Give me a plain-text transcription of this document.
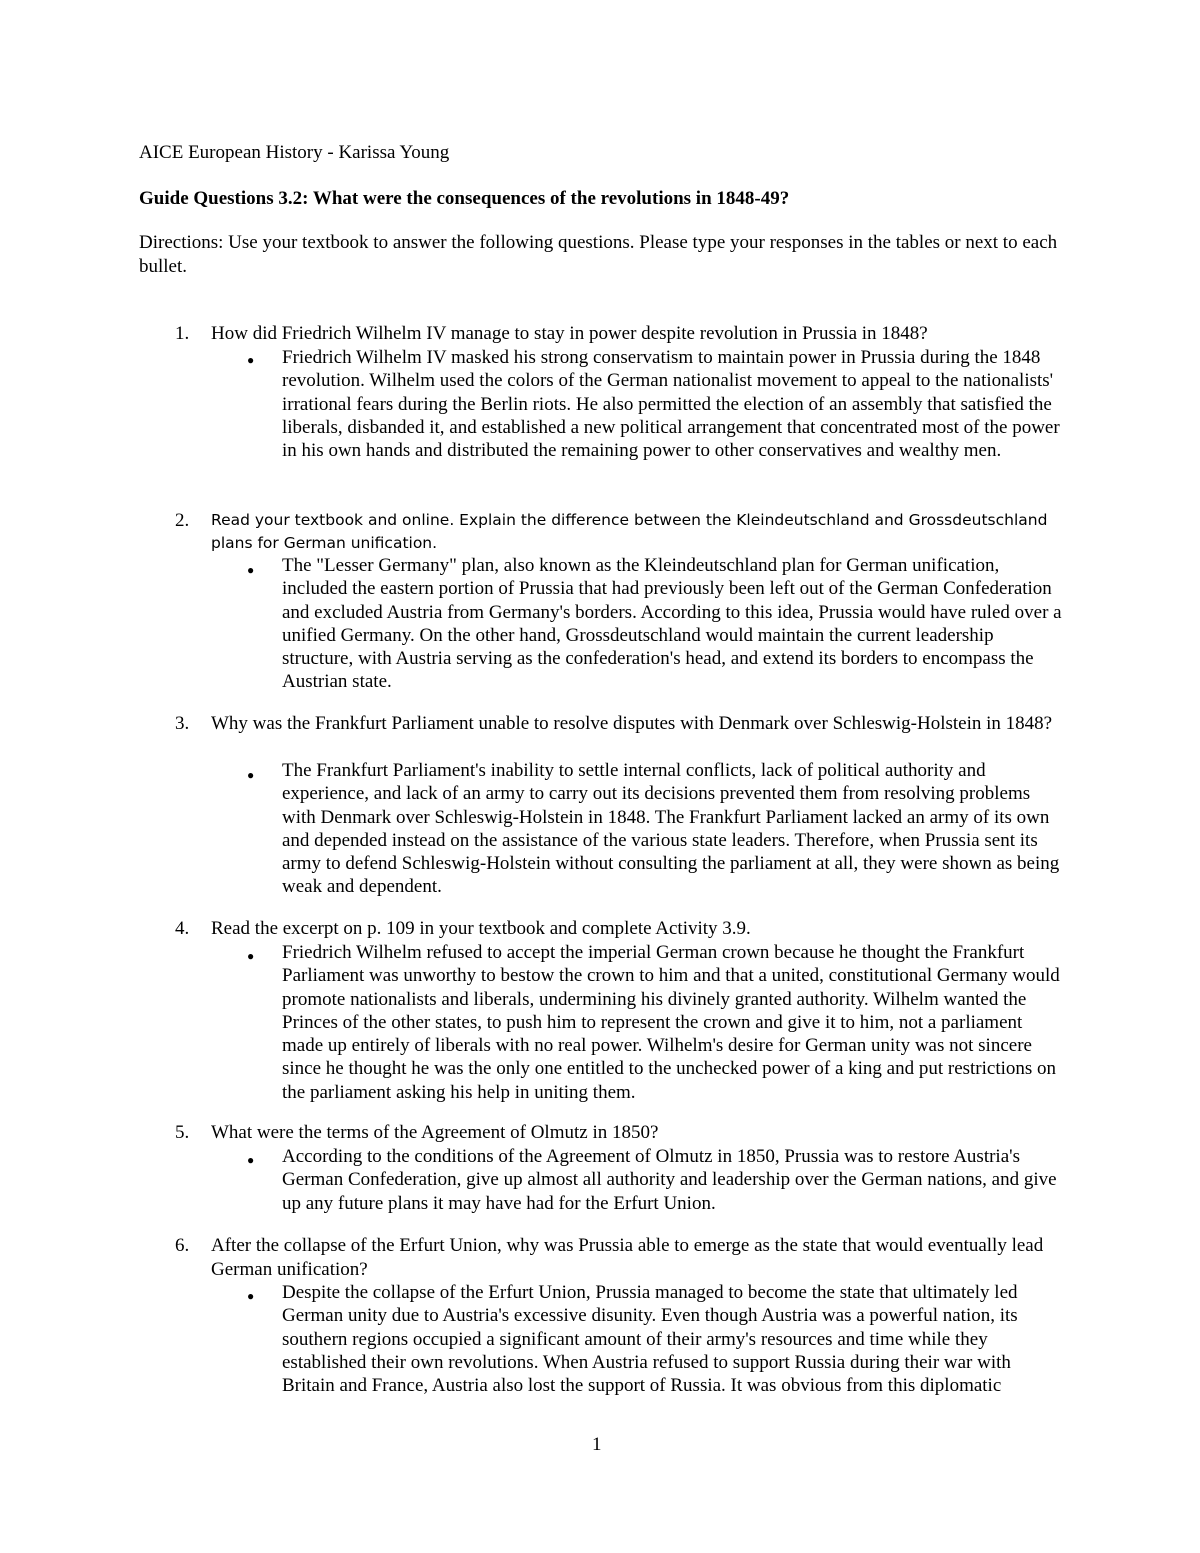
AICE European History - Karissa Young
Guide Questions 3.2: What were the consequences of the revolutions in 1848-49?
Directions: Use your textbook to answer the following questions. Please type your responses in the tables or next to each bullet.
1. How did Friedrich Wilhelm IV manage to stay in power despite revolution in Prussia in 1848?
● Friedrich Wilhelm IV masked his strong conservatism to maintain power in Prussia during the 1848 revolution. Wilhelm used the colors of the German nationalist movement to appeal to the nationalists' irrational fears during the Berlin riots. He also permitted the election of an assembly that satisfied the liberals, disbanded it, and established a new political arrangement that concentrated most of the power in his own hands and distributed the remaining power to other conservatives and wealthy men.
2. Read your textbook and online. Explain the difference between the Kleindeutschland and Grossdeutschland plans for German unification.
● The "Lesser Germany" plan, also known as the Kleindeutschland plan for German unification, included the eastern portion of Prussia that had previously been left out of the German Confederation and excluded Austria from Germany's borders. According to this idea, Prussia would have ruled over a unified Germany. On the other hand, Grossdeutschland would maintain the current leadership structure, with Austria serving as the confederation's head, and extend its borders to encompass the Austrian state.
3. Why was the Frankfurt Parliament unable to resolve disputes with Denmark over Schleswig-Holstein in 1848?
● The Frankfurt Parliament's inability to settle internal conflicts, lack of political authority and experience, and lack of an army to carry out its decisions prevented them from resolving problems with Denmark over Schleswig-Holstein in 1848. The Frankfurt Parliament lacked an army of its own and depended instead on the assistance of the various state leaders. Therefore, when Prussia sent its army to defend Schleswig-Holstein without consulting the parliament at all, they were shown as being weak and dependent.
4. Read the excerpt on p. 109 in your textbook and complete Activity 3.9.
● Friedrich Wilhelm refused to accept the imperial German crown because he thought the Frankfurt Parliament was unworthy to bestow the crown to him and that a united, constitutional Germany would promote nationalists and liberals, undermining his divinely granted authority. Wilhelm wanted the Princes of the other states, to push him to represent the crown and give it to him, not a parliament made up entirely of liberals with no real power. Wilhelm's desire for German unity was not sincere since he thought he was the only one entitled to the unchecked power of a king and put restrictions on the parliament asking his help in uniting them.
5. What were the terms of the Agreement of Olmutz in 1850?
● According to the conditions of the Agreement of Olmutz in 1850, Prussia was to restore Austria's German Confederation, give up almost all authority and leadership over the German nations, and give up any future plans it may have had for the Erfurt Union.
6. After the collapse of the Erfurt Union, why was Prussia able to emerge as the state that would eventually lead German unification?
● Despite the collapse of the Erfurt Union, Prussia managed to become the state that ultimately led German unity due to Austria's excessive disunity. Even though Austria was a powerful nation, its southern regions occupied a significant amount of their army's resources and time while they established their own revolutions. When Austria refused to support Russia during their war with Britain and France, Austria also lost the support of Russia. It was obvious from this diplomatic
1
